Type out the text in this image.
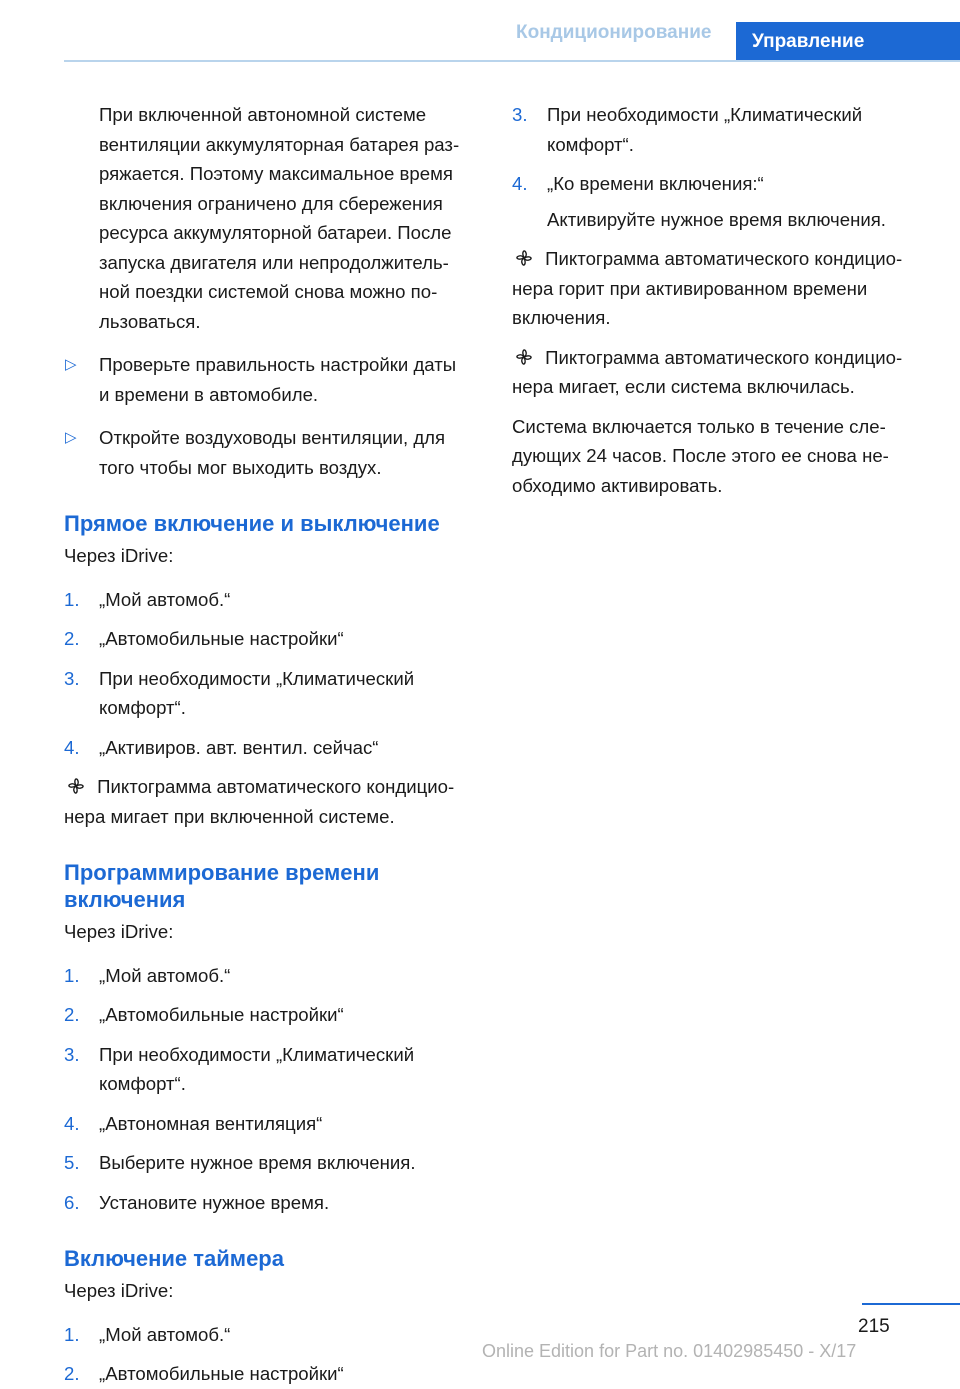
Кондиционирование	Управление

При включенной автономной системе

вентиляции аккумуляторная батарея раз-

ряжается. Поэтому максимальное время

включения ограничено для сбережения

ресурса аккумуляторной батареи. После

запуска двигателя или непродолжитель-

ной поездки системой снова можно по-

льзоваться.

▷ Проверьте правильность настройки даты

и времени в автомобиле.

▷ Откройте воздуховоды вентиляции, для

того чтобы мог выходить воздух.

Прямое включение и выключение

Через iDrive:

1. „Мой автомоб.“

2. „Автомобильные настройки“

3. При необходимости „Климатический

комфорт“.

4. „Активиров. авт. вентил. сейчас“

Пиктограмма автоматического кондицио-

нера мигает при включенной системе.

Программирование времени
включения

Через iDrive:

1. „Мой автомоб.“

2. „Автомобильные настройки“

3. При необходимости „Климатический

комфорт“.

4. „Автономная вентиляция“

5. Выберите нужное время включения.

6. Установите нужное время.

Включение таймера

Через iDrive:

1. „Мой автомоб.“

2. „Автомобильные настройки“

3. При необходимости „Климатический

комфорт“.

4. „Ко времени включения:“

Активируйте нужное время включения.

Пиктограмма автоматического кондицио-

нера горит при активированном времени

включения.

Пиктограмма автоматического кондицио-

нера мигает, если система включилась.

Система включается только в течение сле-

дующих 24 часов. После этого ее снова не-

обходимо активировать.

215
Online Edition for Part no. 01402985450 - X/17
